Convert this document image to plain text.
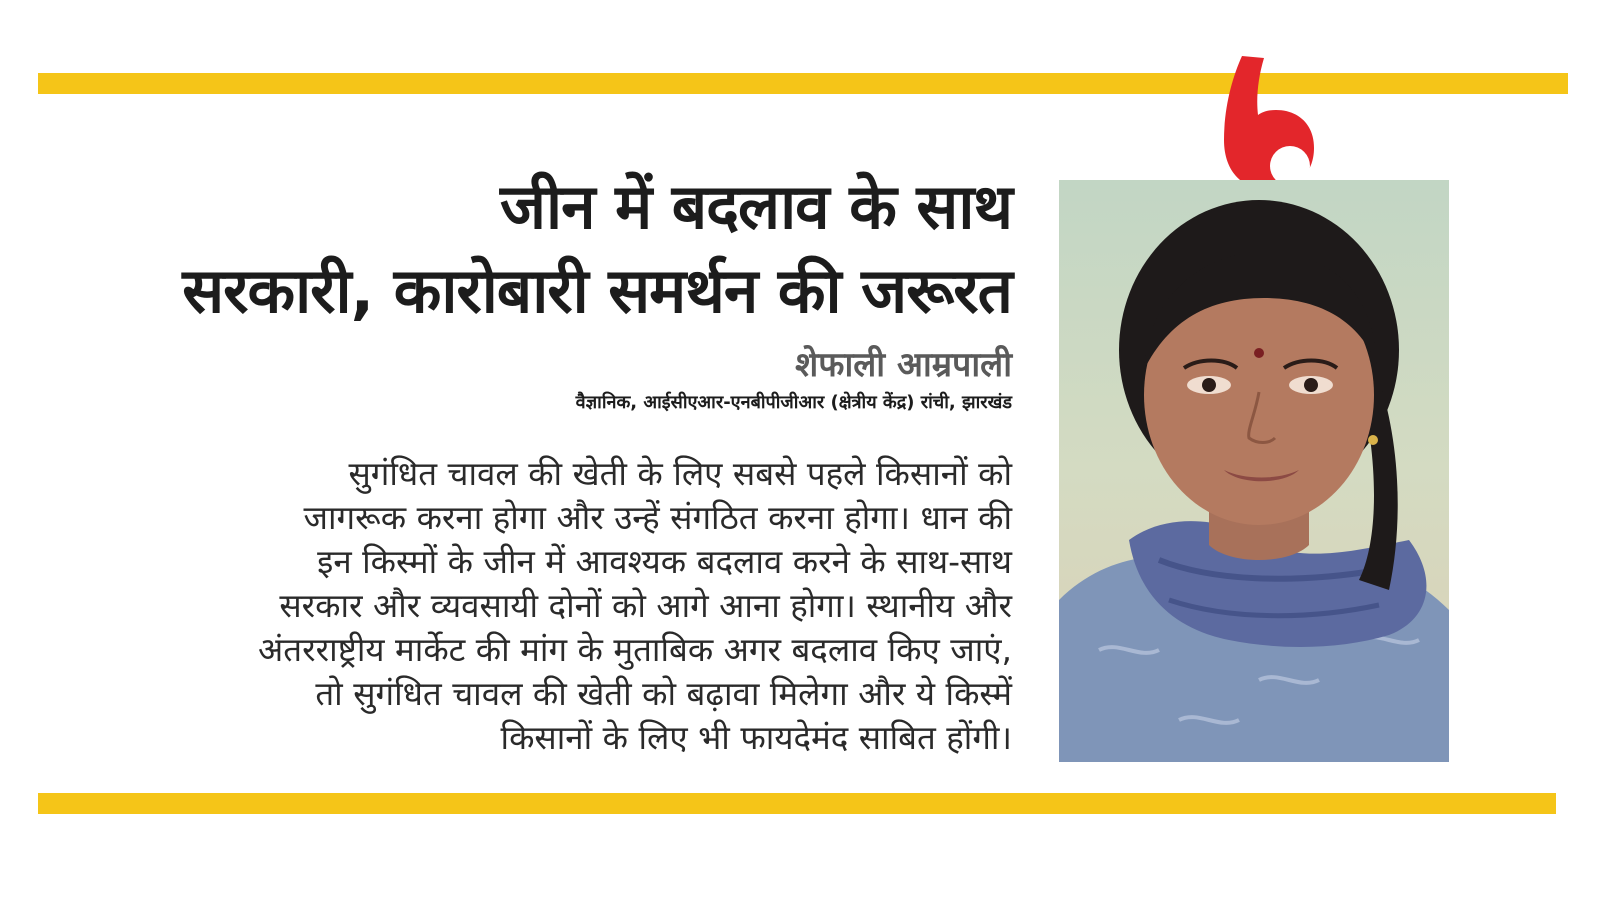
जीन में बदलाव के साथ
सरकारी, कारोबारी समर्थन की जरूरत
शेफाली आम्रपाली
वैज्ञानिक, आईसीएआर-एनबीपीजीआर (क्षेत्रीय केंद्र) रांची, झारखंड
सुगंधित चावल की खेती के लिए सबसे पहले किसानों को
जागरूक करना होगा और उन्हें संगठित करना होगा। धान की
इन किस्मों के जीन में आवश्यक बदलाव करने के साथ-साथ
सरकार और व्यवसायी दोनों को आगे आना होगा। स्थानीय और
अंतरराष्ट्रीय मार्केट की मांग के मुताबिक अगर बदलाव किए जाएं,
तो सुगंधित चावल की खेती को बढ़ावा मिलेगा और ये किस्में
किसानों के लिए भी फायदेमंद साबित होंगी।
